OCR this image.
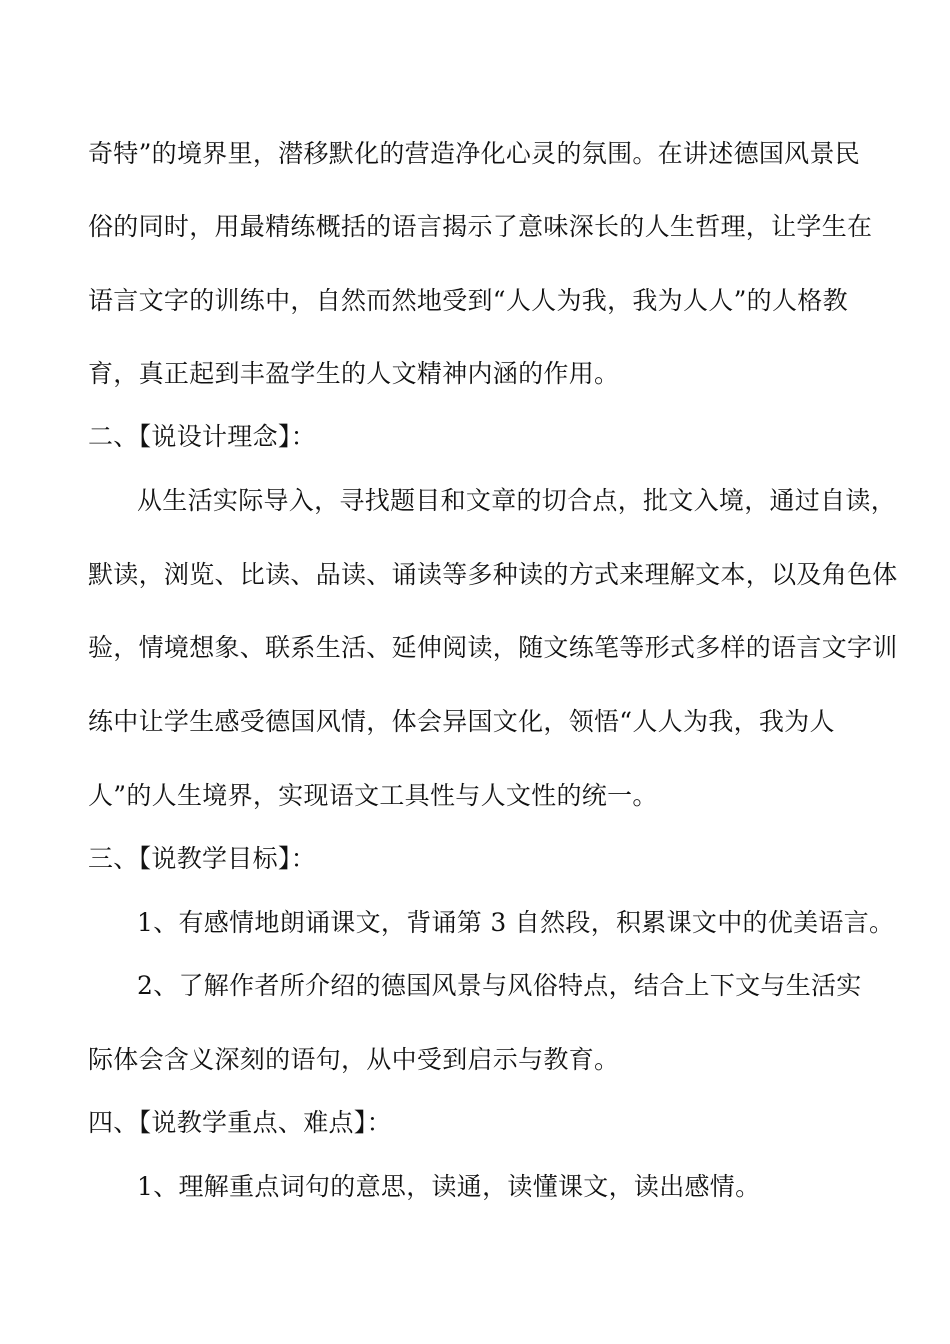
奇特”的境界里，潜移默化的营造净化心灵的氛围。在讲述德国风景民
俗的同时，用最精练概括的语言揭示了意味深长的人生哲理，让学生在
语言文字的训练中，自然而然地受到“人人为我，我为人人”的人格教
育，真正起到丰盈学生的人文精神内涵的作用。
二、【说设计理念】：
从生活实际导入，寻找题目和文章的切合点，批文入境，通过自读，
默读，浏览、比读、品读、诵读等多种读的方式来理解文本，以及角色体
验，情境想象、联系生活、延伸阅读，随文练笔等形式多样的语言文字训
练中让学生感受德国风情，体会异国文化，领悟“人人为我，我为人
人”的人生境界，实现语文工具性与人文性的统一。
三、【说教学目标】：
1、有感情地朗诵课文，背诵第 3 自然段，积累课文中的优美语言。
2、了解作者所介绍的德国风景与风俗特点，结合上下文与生活实
际体会含义深刻的语句，从中受到启示与教育。
四、【说教学重点、难点】：
1、理解重点词句的意思，读通，读懂课文，读出感情。
